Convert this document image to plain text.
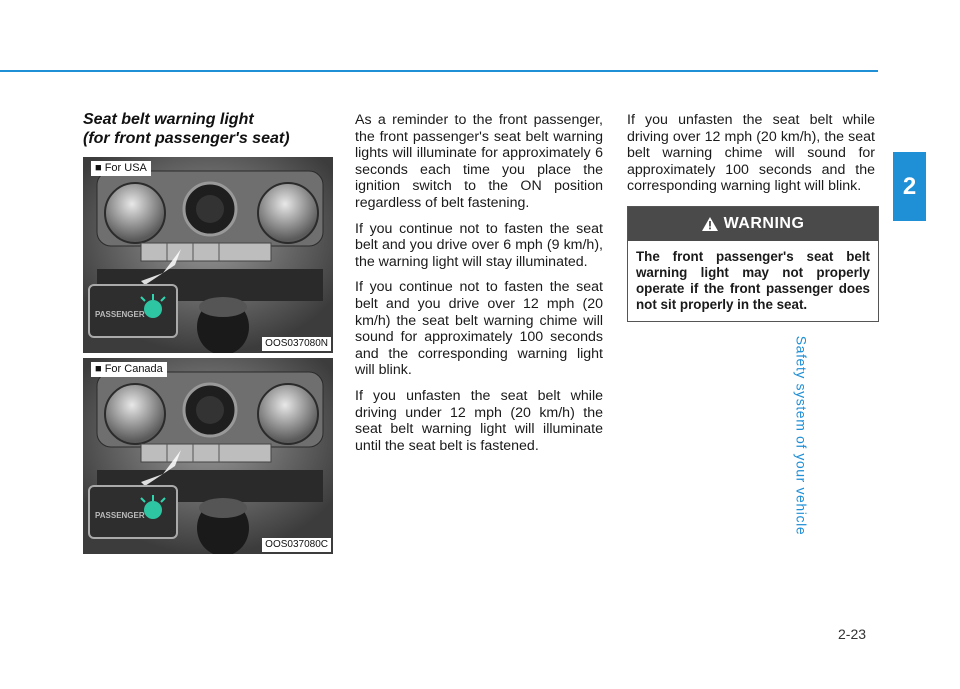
2
Safety system of your vehicle
Seat belt warning light
(for front passenger's seat)
PASSENGER
■ For USA
OOS037080N
PASSENGER
■ For Canada
OOS037080C

As a reminder to the front passenger, the front passenger's seat belt warning lights will illuminate for approximately 6 seconds each time you place the ignition switch to the ON position regardless of belt fastening.

If you continue not to fasten the seat belt and you drive over 6 mph (9 km/h), the warning light will stay illuminated.

If you continue not to fasten the seat belt and you drive over 12 mph (20 km/h) the seat belt warning chime will sound for approximately 100 seconds and the corresponding warning light will blink.

If you unfasten the seat belt while driving under 12 mph (20 km/h) the seat belt warning light will illuminate until the seat belt is fastened.

If you unfasten the seat belt while driving over 12 mph (20 km/h), the seat belt warning chime will sound for approximately 100 seconds and the corresponding warning light will blink.

WARNING
The front passenger's seat belt warning light may not properly operate if the front passenger does not sit properly in the seat.
2-23
